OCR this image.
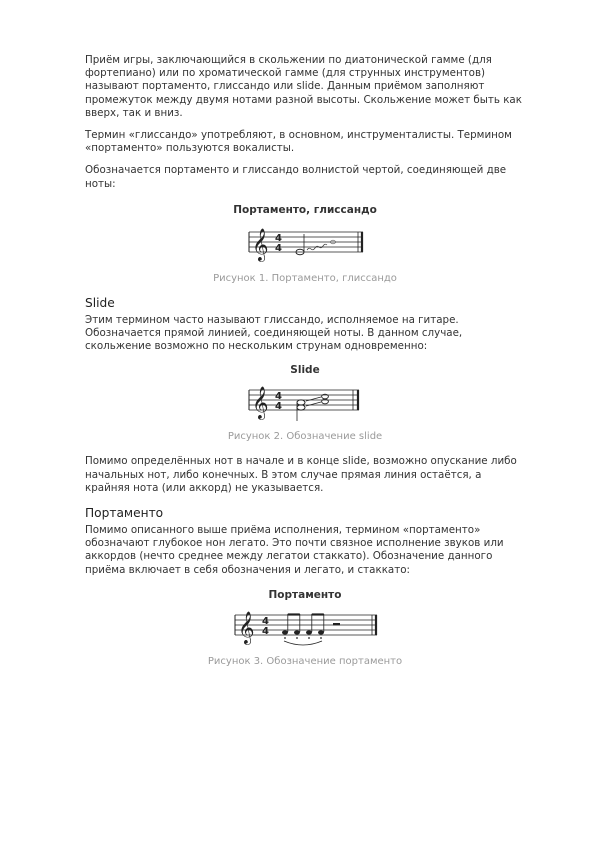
Приём игры, заключающийся в скольжении по диатонической гамме (для фортепиано) или по хроматической гамме (для струнных инструментов) называют портаменто, глиссандо или slide. Данным приёмом заполняют промежуток между двумя нотами разной высоты. Скольжение может быть как вверх, так и вниз.

Термин «глиссандо» употребляют, в основном, инструменталисты. Термином «портаменто» пользуются вокалисты.

Обозначается портаменто и глиссандо волнистой чертой, соединяющей две ноты:

Портаменто, глиссандо
𝄞 4
4
Рисунок 1. Портаменто, глиссандо
Slide

Этим термином часто называют глиссандо, исполняемое на гитаре. Обозначается прямой линией, соединяющей ноты. В данном случае, скольжение возможно по нескольким струнам одновременно:

Slide
𝄞 4
4
Рисунок 2. Обозначение slide

Помимо определённых нот в начале и в конце slide, возможно опускание либо начальных нот, либо конечных. В этом случае прямая линия остаётся, а крайняя нота (или аккорд) не указывается.

Портаменто

Помимо описанного выше приёма исполнения, термином «портаменто» обозначают глубокое нон легато. Это почти связное исполнение звуков или аккордов (нечто среднее между легатои стаккато). Обозначение данного приёма включает в себя обозначения и легато, и стаккато:

Портаменто
𝄞 4
4
Рисунок 3. Обозначение портаменто
